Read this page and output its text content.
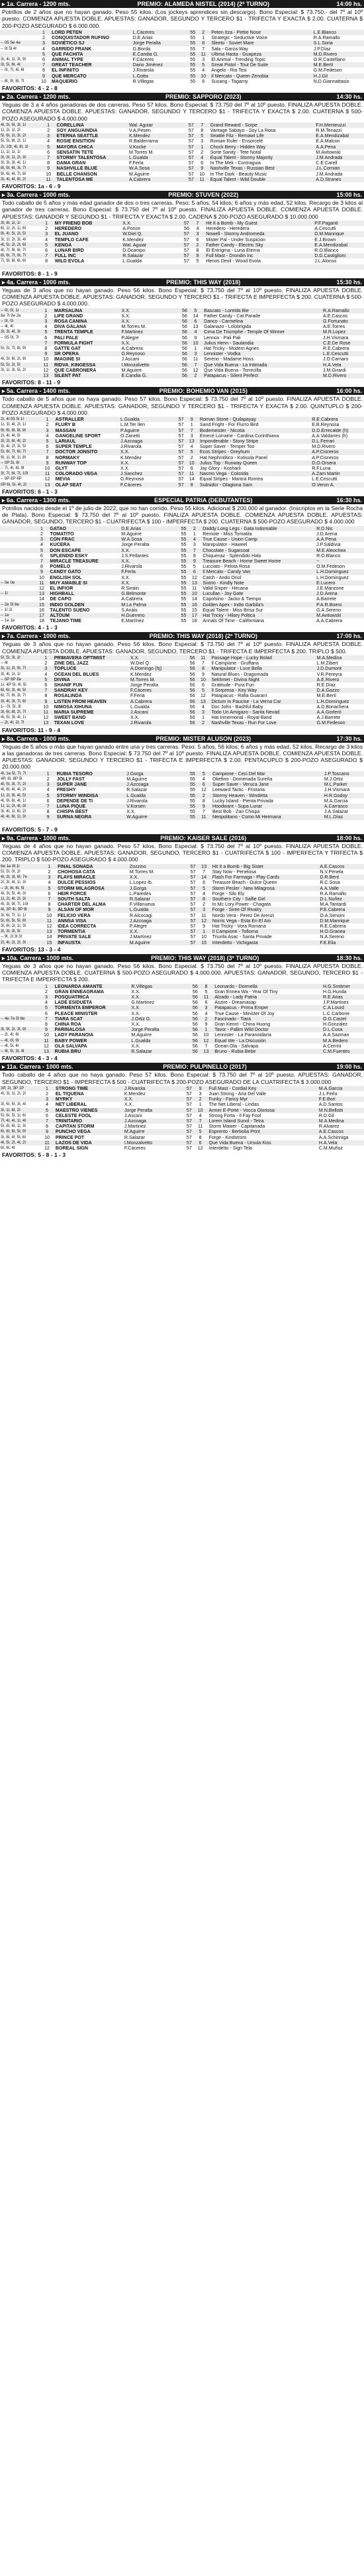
▸ 1a. Carrera - 1200 mts.	PREMIO: ALAMEDA NISTEL (2014) (2º TURNO)	14:00 hs.
Potrillos de 2 años que no hayan ganado. Peso 55 kilos. (Los jockeys aprendices sin descargo). Bono Especial: $ 73.750.- del 7º al 10º puesto. COMIENZA APUESTA DOBLE. APUESTAS: GANADOR, SEGUNDO Y TERCERO $1 - TRIFECTA Y EXACTA $ 2.00. CUATERNA $ 200-POZO ASEGURADO $ 6.000.000.
	1	LORD PETEN	L.Cáceres	55	2	Peten Itza - Pettie Nose	L.E.Blanco
	2	CONQUISTADOR RUFINO	D.E.Arias	55	1	Strategic - Seductive Voice	R.A.Ramallo
-- 05 5e 4e	3	SOVIETICO SJ	Jorge Peralta	55	8	Sleeto - Soviet Mare	S.L.Soria
-- 0l 5l 4l	4	GARRIDO FRANK	G.Borda	55	7	Sala - Garza Way	J.P.Díaz
	5	QUE FACHITA	E.Candia G.	55	11	Ultima Hasta - Guapeza	M.D.Rivero
3l, 4l, 1l, 3l, 9l	6	ANIMAL TYPE	F.Cáceres	55	3	El Animal - Trending Topic	O.R.Castellano
3l, 5l, 6l, 4l	7	GREAT TEACHER	Dario Jiménez	55	5	Great Pistol - Tout De Suite	M.E.Bertí
-- 0l, 7l, 4l, 6l	8	EL INFINITO	J.Rivarola	55	4	Angelo - Ria Tosi	G.M.Fedeson
	9	QUE MERCATO	L.Gotta	55	10	Il Mercato - Queen Zenobia	H.J.Gil
-- 8l, 9l, 8l, 7l	10	MAQUERIO	R.Villegas	55	6	Susang - Tagarny	N.D.Giannattasio
FAVORITOS: 4 - 2 - 8
▸ 2a. Carrera - 1200 mts.	PREMIO: SAPPORO (2023)	14:30 hs.
Yeguas de 3 a 4 años ganadoras de dos carreras. Peso 57 kilos. Bono Especial: $ 73.750 del 7º al 10º puesto. FINALIZA APUESTA DOBLE. COMIENZA APUESTA DOBLE. APUESTAS: GANADOR, SEGUNDO Y TERCERO $1 - TRIFECTA Y EXACTA $ 2.00. CUATERNA $ 500-POZO ASEGURADO $ 4.000.000
4l, 3l, 5l, 3l, 1l	1	CORELLINA	Wal. Aguiar	57	7	Grand Reward - Sorpe	F.H.Menteuzzi
1l, 2l, 1l, 2l	2	SOY ANGUAINDIA	V.A.Pesen	57	8	Vantage Sabayo - Soy La Rosa	R.M.Tenazzi
5l, 6l, 1l, 3l, 2l	3	ETERNA SEATTLE	K.Mendez	57	5	Seattle Fitz - Remawt Life	E.A.Mendizabal
5l, 5l, 8l, 2l, 1l	4	ROSIE ENSITION	R.Balderrama	57	3	Roman Ruler - Ensorcelé	E.A.Malcon
2l, 10l, 4l, 6l, 1l	5	MAYORA CHICA	V.Kocke	57	1	Chuck Berry - Hidden Way	A.A.Pena
1l, 1l, 1l, 1l	6	SENSATIN TETE	M.Torres M.	57	2	Sorte Sanity - Tete Notal	M.Avitowski
3l, 3l, 1l, 2l, 3l	7	STORMY TALENTOSA	L.Gualda	57	4	Equal Talent - Stormy Majority	J.M.Andrada
3l, 3l, 3l, 4l, 1l	8	DAMA GRAN	F.Ferla	57	6	In The Mek - Contraguia	C.E.Carell
8l, 9l, 6l, 3l, 7l	9	NASHVILLE BLUE	W.A.Sosa	57	9	Nashville Texas - Russian Best	J.L.Cornian
9l, 6l, 4l, 7l, 8l	10	BELLE CHANSON	M.Aguirre	57	10	In The Dark - Beauty Music	J.M.Andrada
3l, 4l, 4l, 8l, 2l	11	TALENTOSA ME	A.Cabrera	57	11	Equal Talent - Wild Double	A.D.Stranes
FAVORITOS: 1a - 6 - 9
▸ 3a. Carrera - 1000 mts.	PREMIO: STUVEN (2022)	15:00 hs.
Todo caballo de 5 años y más edad ganador de dos o tres carreras. Peso: 5 años, 54 kilos; 6 años y más edad, 52 kilos. Recargo de 3 kilos al ganador de tres carreras. Bono Especial: $ 73.750 del 7º al 10º puesto. FINALIZA APUESTA DOBLE. COMIENZA APUESTA DOBLE. APUESTAS: GANADOR Y SEGUNDO $1 - TRIFECTA Y EXACTA $ 2.00. CADENA $ 200-POZO ASEGURADO $ 10.000.000
3l, 8l, 1l, 1l	1	MY FRIEND BOB	X.X.	57	7	Hit It a Bomb - My Guest	P.F.Paganti
6l, 1l, 2l, 1l, 6l	2	HEREDERO	A.Ponce	56	4	Heredero - Heredera	A.Cescutti
9l, 4l, 5l, 2l, 5l	3	EL JUANO	W.Diel Q.	57	3	Nowell - Stormy Andromeda	D.M.Manrique
3l, 1l, 2l, 3l, 4l	4	TEMPLO CAFE	K.Mendez	57	6	Mister Pal - Under Suspicion	E.J.Brown
4l, 5l, 2l, 2l, 6l	5	KENGA	Wal. Aguiar	57	2	Father Candy - Electric Sky	E.A.Mendizabal
4l, 7l, 8l, 6l, 7l	6	LUNAR BIRD	D.Ocampo	57	8	El Entrigma - Luna Eterna	R.O.Blanco
8l, 6l, 7l, 9l, 7l	7	FULL INC	R.Salazar	57	9	Full Mast - Drondin Inc	D.D.Castiglioni
7l, 9l, 6l, 6l, 6l	8	WILD EVOLA	L.Gualda	57	5	Henos Devil - Wood Evola	J.L.Alonso

FAVORITOS: 8 - 1 - 9
▸ 4a. Carrera - 1000 mts.	PREMIO: THIS WAY (2018)	15:30 hs.
Yeguas de 3 años que no hayan ganado. Peso 56 kilos. Bono Especial: $ 73.750 del 7º al 10º puesto. FINALIZA APUESTA DOBLE. COMIENZA APUESTA DOBLE. APUESTAS: GANADOR, SEGUNDO Y TERCERO $1 - TRIFECTA E IMPERFECTA $ 200. CUATERNA $ 500-POZO ASEGURADO $ 4.000.000.
-- 0l, 0l, 1l	1	MARSALINA	X.X.	56	5	Bascato - Lorelda Bie	R.A.Ramallo
8e 7l 9e 2e	2	LIFE GRAND	X.X.	56	14	Father Candy - Cat Parade	A.E.Cascos
-- 0l, 0l	3	ROSA CANINA	X.X.	56	6	Danco - Carmelina	G.Fortunato
-- 4l, 4l	4	DIVA GALANA	M.Torres M.	56	13	Galanazo - Lolobrigida	A.E.Torres
3l, 3l, 4l, 3l	5	TRENTA TEMPLE	F.Martinez	56	4	Cima De Triumphe - Temple Of Winner	M.R.Lopez
-- 05 0l, 7l	6	PALI PALE	P.Alegre	56	9	Lennox - Pali Pali	J.H.Vismara
	7	FORMULA FIGHT	X.X.	56	10	Julius Henn - Saulandia	C.E.De Rose
5l, 5l, 7l, 8l, 9l	8	GATTE GAT	A.Cabrera	56	1	Hat Tricky - Modem Agnes	R.E.Cabrera
	9	SR OPERA	G.Reynoso	56	3	Lennister - Vodka	L.E.Cescutti
4l, 3l, 6l, 2l, 9l	10	IMAGINE SI	J.Ascani	56	11	Sereno - Madame Hoss	J.O.Camaro
5l, 5l, 2l, 5l	11	RIDVA_KINGESSA	I.Monzalvetto	56	7	Que Vida Buena - La Intimada	H.A.Vela
3l, 1l, 3l, 5l, 2l	12	QUE CABRONERA	M.Aguirre	56	12	Que Vida Buena - Torrecilla	J.M.Girardi
	13	SILENT PAT	E.Candia G.	56	2	Patapacus - Silent Perfect	M.D.Rivero
FAVORITOS: 8 - 11 - 9
▸ 5a. Carrera - 1400 mts.	PREMIO: BOHEMIO VAN (2015)	16:00 hs.
Todo caballo de 5 años que no haya ganado. Peso 57 kilos. Bono Especial: $ 73.750 del 7º al 10º puesto. FINALIZA APUESTA DOBLE. COMIENZA APUESTA DOBLE. APUESTAS: GANADOR, SEGUNDO Y TERCERO $1 - TRIFECTA Y EXACTA $ 2.00. QUINTUPLO $ 200-POZO ASEGURADO $ 4.000.000.
2l, 4l 05 5l 1l	1	ASTRALLER	L.Gualda	57	9	Roman Stone - Quilapayay	R.E.Cabrera
1l, 3l, 4l, 2l, 1l	2	FLURY B	L.M.Ter Ilen	57	1	Sand Fright - For Flurro Bird	E.B.Reynosa
9l, 6l, 8l, 8l, 9l	3	MASSAN	P.Aguirre	57	7	Bodemeister - Nicotia	D.D.Errecalde (h)
2l, 4l, 4l, 5l	4	GANGELINE SPORT	O.Zanetti	57	3	Emecé Lorraine - Cardina Corinthiana	A.A.Valdarres (h)
3l, 2l, 6l, 4l, 2l	5	LARIAUL	J.Azcoaga	57	13	Imponderable - Stony Stripe	D.L.Ferrari
3l, 4l, 2l, 3l, 5l	6	SUPER TEMPLE	J.Rivarola	57	4	Super Saver - Temper Too	M.D.Rivero
5l, 8l, 7l, 6l, 7l	7	DOCTOR JONSITO	X.X.	57	5	Ecos Stripes - Greyhum	A.P.Cisneros
9l, 1l, 8l, 1l, 8l	8	NORMAKY	K.Mendez	57	2	Hat Nephrolitico - Kotisola Panel	A.P.Cisneros
-- 0P 5l, 8l	9	RUNWAY TOP	X.X.	57	10	Julius Top - Runway Queen	D.O.Orsera
-- 7l, 4l, 8l, 9l	10	GLYT	X.X.	57	6	Jay Glory - Kosharlı	R.F.Luna
3l, 7l, 6l, 7l, 10l	11	COLORADO VEGA	J.Sanchez	57	11	Nasmo Vega - Colorida	A.Zam Martin
-- 9P 8P 6P	12	MEVIA	G.Reynoso	57	14	Equal Stripes - Mantra Romea	L.E.Cescutti
0P 6l, 5l, 4l, 2l	13	OLAP SEAT	F.Cáceres	57	8	Subsidor - Olagiona Sam	O.Veron A.
FAVORITOS: 6 - 1 - 3
▸ 6a. Carrera - 1300 mts.	ESPECIAL PATRIA (DEBUTANTES)	16:30 hs.
Potrillos nacidos desde el 1º de julio de 2022, que no han corrido. Peso 55 kilos. Adicional $ 200.000 al ganador. (Inscriptos en la Serie Rocha de Plata). Bono Especial: $ 73.750 del 7º al 10º puesto. FINALIZA APUESTA DOBLE. COMIENZA APUESTA DOBLE. APUESTAS: GANADOR, SEGUNDO, TERCERO $1 - CUATRIFECTA $ 100 - IMPERFECTA $ 200. CUATERNA $ 500-POZO ASEGURADO $ 4.000.000
	1	GATAO	D.E.Arias	55	2	Daddy Long Legs - Gata Indomable	R.D.Nis
	2	TOMATITO	M.Aguirre	55	1	Remote - Miss Tomatita	J.D.Arena
	3	CON FRAC	W.A.Sosa	55	4	True Cause - Union Camp	A.A.Pena
	4	KUCERA	Jorge Peralta	55	3	Manipulator - Haweel	J.P.Saldívia
	5	DON ESCAPE	X.X.	55	7	Chocolate - Sugarcoat	M.E.Aleochea
	6	SPLENDID ESKY	J.S.Pellantes	55	8	Chiquenaz - Splendido Halo	R.O.Blanco
	7	MIRACLE TREASURE	X.X.	55	9	Treasure Beach - Home Sweet Home	--
	8	POMELO	J.Rivarola	55	5	Lucciato - Pelota Rosa	O.M.Fedeson
	9	CANDY GATO	F.Ferla	55	6	Il Mercato - Candy Van	L.H.Dominguez
	10	ENGLISH SOL	X.X.	55	12	Catch - Ando Oriol	L.H.Dominguez
-- 0e 0e	11	MUY AMABLE SI	X.X.	55	13	Sixtrio - Kindly Note	E.Lucero
	12	EL INFIOR	R.Sinain	55	11	Valid Sniper - Hecana	J.E.Manzone
-- 1l	13	HIGHBALL	G.Belmonte	55	10	Lucullan - Joy Gate	J.D.Arena
	14	DE CAPO	A.Cabrera	55	14	Capolsino - Jacko & Tiempo	A.Barrete
-- 2e 5l 8e	15	INDIO GOLDEN	M.La Palma	55	16	Golden Apex - Indio Garbila's	P.A.R.Boero
-- 1l 1l	16	TALENTO SUENO	S.Anáis	55	15	Equal Talent - Miss Brisa Sur	G.A.Sereno
-- 1e	17	ALTOUM	H.Guerrero	55	17	Hat Tricky - Hilary Poltica	M.Avitowski
-- 1e 1e	18	TEJANO TIME	E.Martínez	55	18	Annals Of Time - Californiana	A.A.Cabrera
FAVORITOS: 4 - 1 - 3
▸ 7a. Carrera - 1000 mts.	PREMIO: THIS WAY (2018) (2º TURNO)	17:00 hs.
Yeguas de 3 años que no hayan ganado. Peso 56 kilos. Bono Especial: $ 73.750 del 7º al 10º puesto. FINALIZA APUESTA DOBLE. COMIENZA APUESTA DOBLE. APUESTAS: GANADOR, SEGUNDO, TERCERO $1 - TRIFECTA E IMPERFECTA $ 200. TRIPLO $ 500.
5l, 5l, 3l, 2l	1	PRIMAVERA OPTIMIST	X.X.	56	11	Passage Hope - Lucky Bolad	M.A.Medina
-- 4l	2	ZINE DEL JAZZ	W.Diel Q.	56	7	Il Campione - Gruffana	L.M.Zibert
3l, 1l, 2l, 5l, 7l	3	TOPLUCE	A.Domingo (hj)	56	8	Manipulator - Luce Bella	J.D.Dumont
3l, 4l, 1l, 1l	4	OCEAN DEL BLUES	K.Mendez	56	9	Natural Blues - Dragomada	V.R.Pereyra
-- 0P 8P 8e	5	DIVINA	M.Torres M.	56	10	Sekhmet - Divina Night	A.E.Rivero
1l, 4P 5l, 4l, 5l	6	SHANIF FUN	Jorge Peralta	56	6	Gratitude - Pura Fun	R.E.Díaz
6l, 6l, 3l, 4l, 5l	7	SANDRAY KEY	F.Cáceres	56	5	Il Sorpresa - Key Way	D.A.Gazzo
6l, 7l, 8l, 3l, 7l	8	ROSALINDA	F.Ferla	56	12	Patapacus - Rafia Guaraní	M.E.Bertí
3l, 4l, 3l, 7l, 8l	9	LISTEN FROM HEAVEN	A.Cabrera	56	13	Dictum In Paucise - La Verna Car	L.H.Dominguez
1-- 0l, 5l, 3l	10	NIMOSA XIHUNA	L.Gualda	56	4	Doc John - Bashful Baby	A.D.Bonachera
3l, 6l, 8l, 2l, 7l	11	MARIA SUPREME	J.Ascani	56	3	Todo Un Amigazo - Santa Nevad	A.A.Gorleró
4l, 5l, 3l, 4l, 1l	12	SWEET BAND	X.X.	56	1	Hat Inmemorial - Royal Band	A.J.Barrete
-- 2l, 4l, 2l, 7l	13	TEXAN LOVE	J.Rivarola	56	2	Nashville Texas - Run For Love	G.M.Fedeson
FAVORITOS: 11 - 9 - 4
▸ 8a. Carrera - 1000 mts.	PREMIO: MISTER ALUSON (2023)	17:30 hs.
Yeguas de 5 años o más que hayan ganado entre una y tres carreras. Peso: 5 años, 56 kilos; 6 años y más edad, 52 kilos. Recargo de 3 kilos a las ganadoras de tres carreras. Bono Especial: $ 73.750 del 7º al 10º puesto. FINALIZA APUESTA DOBLE. COMIENZA APUESTA DOBLE. APUESTAS: GANADOR, SEGUNDO Y TERCERO $1 - TRIFECTA E IMPERFECTA $ 2.00. PENTACUPLO $ 200-POZO ASEGURADO $ 20.000.000
4l, 1e 5l, 7l, 7l	1	RUBIA TESORO	J.Gorga	55	5	Campione - Ceci Del Mar	J.P.Toscano
4P, 8l, 8P 5l	2	JOLLY FAST	M.Aguirre	55	4	Okefino - Domenada Sureña	M.J.Ortiz
4l, 5l, 3l, 7l, 2l	3	SUPER JANE	J.Azcoaga	55	6	Super Saver - Veruca Jane	M.L.Parker
4l, 8l, 4l, 4l, 2l	4	FRESHY	R.Salazar	55	12	Leeward Tactic - Fristaria	J.H.Vismara
1l, 2l, 9l, 4l, 5l	5	STORMY WINDISA	L.Gualda	55	2	Stormy Heaven - Windetta	H.R.Godoy
4l, 9l, 6l, 4l, 1l	6	DEPENDE DE TI	J.Rivarola	55	8	Lucky Island - Pienta Privada	M.A.Garcia
1l, 1l, 2l, 4l, 3l	7	LUNA PIQUE	V.Korsen	55	9	Hoodwant - Supa Lunar	A.Carrasco
3l, 4l, 1l, 6l, 2l	8	CHISPA BEST	X.X.	55	7	Best Bob - Zan Chispa	J.A.Salazar
4l, 4l, 6l, 1l, 3l	9	SURNA NEGRA	W.Aguirre	55	11	Neopolitano - Como Mi Hermana	M.L.Díaz

FAVORITOS: 5 - 7 - 9
▸ 9a. Carrera - 1000 mts.	PREMIO: KAISER SALE (2016)	18:00 hs.
Yeguas de 4 años que no hayan ganado. Peso 57 kilos. Bono Especial: $ 73.750 del 7º al 10º puesto. FINALIZA APUESTA DOBLE. COMIENZA APUESTA DOBLE. APUESTAS: GANADOR, SEGUNDO, TERCERO $1 - CUATRIFECTA $ 100 - IMPERFECTA Y TRIFECTA $ 200. TRIPLO $ 500-POZO ASEGURADO $ 4.000.000
6e 1e 8l 1l	1	FINAL SONADA	Zozzino	57	13	Hit It a Bomb - Big Sister	A.E.Cascos
5l, 5l, 0l, 2l	2	CHOHOSA CATA	M.Torres M.	57	7	Stay Now - Penelosa	N.V.Penela
4l, 3l, 3l, 6l, 7e	3	FLAYS MIRACLE	X.X.	57	14	Flash For Farmaga - Play Cards	D.R.Bent
2l, 3l, 4l, 1l, 3l	4	DULCE PESSIOS	L.Lopez Ib.	57	6	Treasure Beach - Dulce Queen	R.C.Sosa
-- 2l, 8l, 6l, 5l	5	STORM MILAGROSA	J.Gorga	57	5	Storm Pesler - New Milagrosa	A.A.Valle
4l, 3l, 5l, 4l, 3l	6	HEIR FORCE	L.Paredes	57	4	Forge - Silo Ely	R.A.Ramallo
1l, 2l, 4l, 2l, 3l	7	SOUTH SALTA	R.Salazar	57	8	Southern City - Salfie Girl	D.L.Nuñez
4l, 3l, 9l, 7l, 10l	8	CHARTER DEL ALMA	F.Villanueva	57	2	In Mc Lory Power - Chagata	M.A.Tantardi
4l, 3P 4l, 9P 9l	9	ALSAN OF MOR	L.Gualda	57	3	Forge - Siree Of Rivalry	P.E.Cabrera
3l, 6l, 7l, 1l, 1l	10	FELICIO VERA	R.Alcocagi	57	11	Nordo Vera - Perez De Arenzi	O.A.Sensini
5l, 6l, 5l, 5l, 8l	11	ANNSA VISA	J.Azcoaga	57	12	Norris Vega - Esta En El Am	D.M.Manrique
3l, 8l, 2l, 1l, 3l	12	IDEA CORRECTA	P.Alegre	57	9	Hat Tricky - Vora Romana	R.E.Cabrera
3l, 3l, 3l, 5l	13	TORMENTIA	X.X.	57	1	Il Campione - Tofiorna	H.O.Granea
-- 9l, 2l 3l 3l	14	PRIVATE SALE	J.Martínez	57	10	Triunfa Asac - Santa Privade	N.A.Sereno
2l, 4l, 2l, 2l, 3l	15	INFAUSTA	M.Aguirre	57	15	Interdetto - Vichigasta	F.E.Elia
FAVORITOS: 13 - 3 - 4
▸ 10a. Carrera - 1000 mts.	PREMIO: THIS WAY (2018) (3º TURNO)	18:30 hs.
Yeguas de 3 años que no hayan ganado. Peso 56 kilos. Bono Especial: $ 73.750 del 7º al 10º puesto. FINALIZA APUESTA DOBLE. COMIENZA APUESTA DOBLE. CUATERNA $ 500-POZO ASEGURADO $ 4.000.000. APUESTAS: GANADOR, SEGUNDO, TERCERO $1 - TRIFECTA E IMPERFECTA $ 200.
	1	LEONARDA AMANTE	R.Villegas	56	8	Leonardo - Dormella	H.G.Smitmer
	2	GRAN ENNEAGRAMA	X.X.	56	5	Gran Ennea Wa - Year Of Tiny	H.G.Hunda
	3	POSQUATRICA	X.X.	56	11	Alzado - Lady Patria	R.E.Arias
	4	LADE ESIDUETA	G.Martinez	56	6	Aszire - Dreamasap	J.P.Martínez
	5	TORMENTA EMPEROR	X.X.	56	3	Patapacus - Prima Emper	C.A.Lourd
	6	PLEACE MINISTER	X.X.	56	4	True Cause - Minister Of Joy	L.C.Carbone
-- 4e 7e 5l 8e	7	TIARA SCAT	J.Ortiz G.	56	2	Fascinado - Tiara	O.G.Castel
	8	CHINA ROA	X.X.	56	9	Gran Kennt - China Huong	H.Gonzalez
3l, 9l, 2l, 3l, 9l	9	PARINALOSA	Jorge Peralta	56	1	Tavor - Pallim Wild Doctor	D.L.Cosa
-- 2l, 4l, 6l	10	LADY PARANOIA	M.Aguirre	56	10	Lennister - La Paranoidaria	A.A.Sazman
-- 4l, 0l, 9l	11	BABY POWER	L.Gualda	56	12	Equal We - La Discusión	M.A.Bedero
-- 4l, 5l, 4l	12	OLA SALVAPA	X.X.	56	7	Ocean Ola - Salvapa	A.Cerrini
-- 4l, 5l, 3l, 4l	13	RUBIA BRU	R.Salazar	56	13	Bruno - Rubia Bebe	C.M.Fuentes
FAVORITOS: 4 - 3 - 4
▸ 11a. Carrera - 1000 mts.	PREMIO: PULPINELLO (2017)	19:00 hs.
Todo caballo de 4 años que no haya ganado. Peso 57 kilos. Bono Especial: $ 73.750 del 7º al 10º puesto. APUESTAS: GANADOR, SEGUNDO, TERCERO $1 - IMPERFECTA $ 500 - CUATRIFECTA $ 200-POZO ASEGURADO DE LA CUATRIFECTA $ 3.000.000
3P, 2l, 3P 1P	1	STRONG TIME	J.Rivarola	57	9	Full Mast - Cordial Key	M.A.Garcia
4l, 3l, 1l, 2l, 2l	2	EL TIQUENA	K.Mendez	57	3	Juan Strong - Aria Del Valle	J.L.Ferlu
	3	MYRKY	X.X.	57	2	Funky - Fancy Myr	F.E.Bori
3l, 6l, 5l, 3l, 4l	4	NET LIBERAL	X.X.	57	1	The Net Liberal - Lindas	A.D.Santos
3l, 1l, 6l, 2l	5	MAESTRO VIENES	Jorge Peralta	57	10	Armer E-Porte - Vocca Gloriosa	M.N.Bellotti
5l, 6l, 5l, 1l, 6l	6	CELESTE FOOL	J.Ascani	57	4	Strong Forta - Il Fay Fool	R.D.Gil
7l, 4l, 4l, 1l, 4l	7	TRINITARIO	J.Azcoaga	57	7	Lorem Island Sunol - Tetra	M.A.Medina
5l, 8l, 6l, 1l, 3l	8	CAPITAN STORM	J.Martinez	57	11	Storm Mawer - Capitanada	R.Alvarez
6l, 8l, 6l, 5l, 9l	9	PUNCHO VEGA	M.Aguirre	57	5	Esprento - Berbolia Print	A.E.Cascos
3l, 8l, 4l, 5l, 6l	10	PRINCE POT	R.Salazar	57	8	Forge - Kindstrom	A.A.Schinniga
4l, 5l, 2l, 4l, 2l	11	LAZOS DE VIDA	I.Monzalvetto	57	6	Que Vida Buena - Ursula Kiss	H.A.Vela
6l, 6l, 4l	12	BOREAL SIGN	F.Cáceres	57	12	Interdetto - Sign Tela	C.M.Muñoz
FAVORITOS: 5 - 8 - 1 - 3
